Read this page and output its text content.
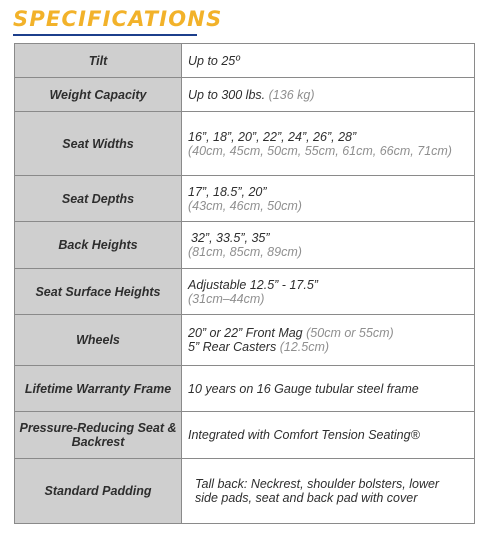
SPECIFICATIONS
Tilt	Up to 25º
Weight Capacity	Up to 300 lbs. (136 kg)
Seat Widths	16”, 18”, 20”, 22”, 24”, 26”, 28”
(40cm, 45cm, 50cm, 55cm, 61cm, 66cm, 71cm)

Seat Depths	17”, 18.5”, 20”
(43cm, 46cm, 50cm)

Back Heights	32”, 33.5”, 35”
(81cm, 85cm, 89cm)

Seat Surface Heights	Adjustable 12.5” - 17.5”
(31cm–44cm)

Wheels	20” or 22” Front Mag (50cm or 55cm)
5” Rear Casters (12.5cm)

Lifetime Warranty Frame	10 years on 16 Gauge tubular steel frame
Pressure-Reducing Seat & Backrest	Integrated with Comfort Tension Seating®
Standard Padding	Tall back: Neckrest, shoulder bolsters, lower
side pads, seat and back pad with cover
